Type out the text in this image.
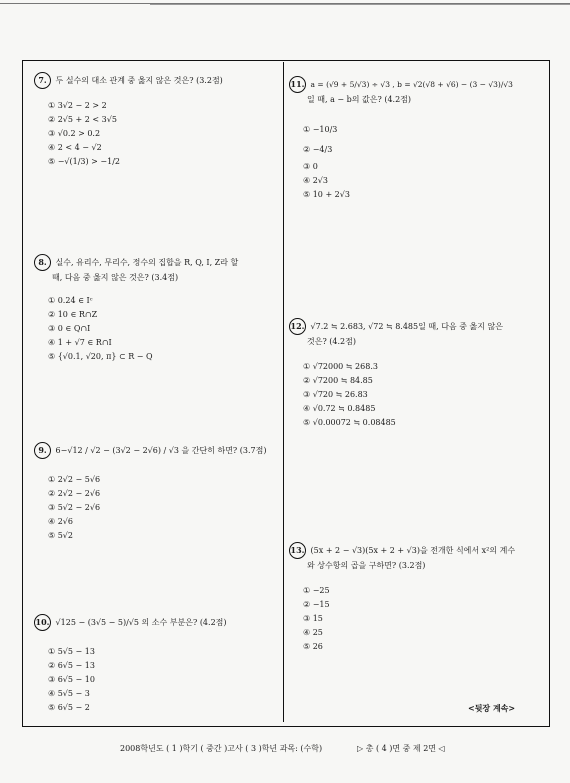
7. 두 실수의 대소 관계 중 옳지 않은 것은? (3.2점)
① 3√2 − 2 > 2
② 2√5 + 2 < 3√5
③ √0.2 > 0.2
④ 2 < 4 − √2
⑤ −√(1/3) > −1/2
8. 실수, 유리수, 무리수, 정수의 집합을 R, Q, I, Z라 할
때, 다음 중 옳지 않은 것은? (3.4점)
① 0.24 ∈ Iᶜ
② 10 ∈ R∩Z
③ 0 ∈ Q∩I
④ 1 + √7 ∈ R∩I
⑤ {√0.1, √20, π} ⊂ R − Q
9. 6−√12 / √2 − (3√2 − 2√6) / √3 을 간단히 하면? (3.7점)
① 2√2 − 5√6
② 2√2 − 2√6
③ 5√2 − 2√6
④ 2√6
⑤ 5√2
10. √125 − (3√5 − 5)/√5 의 소수 부분은? (4.2점)
① 5√5 − 13
② 6√5 − 13
③ 6√5 − 10
④ 5√5 − 3
⑤ 6√5 − 2
11. a = (√9 + 5/√3) ÷ √3 , b = √2(√8 + √6) − (3 − √3)/√3
일 때, a − b의 값은? (4.2점)
① −10/3
② −4/3
③ 0
④ 2√3
⑤ 10 + 2√3
12. √7.2 ≒ 2.683, √72 ≒ 8.485일 때, 다음 중 옳지 않은
것은? (4.2점)
① √72000 ≒ 268.3
② √7200 ≒ 84.85
③ √720 ≒ 26.83
④ √0.72 ≒ 0.8485
⑤ √0.00072 ≒ 0.08485
13. (5x + 2 − √3)(5x + 2 + √3)을 전개한 식에서 x²의 계수
와 상수항의 곱을 구하면? (3.2점)
① −25
② −15
③ 15
④ 25
⑤ 26
<뒷장 계속>
2008학년도 ( 1 )학기 ( 중간 )고사 ( 3 )학년 과목: (수학)	▷ 총 ( 4 )면 중 제 2면 ◁
